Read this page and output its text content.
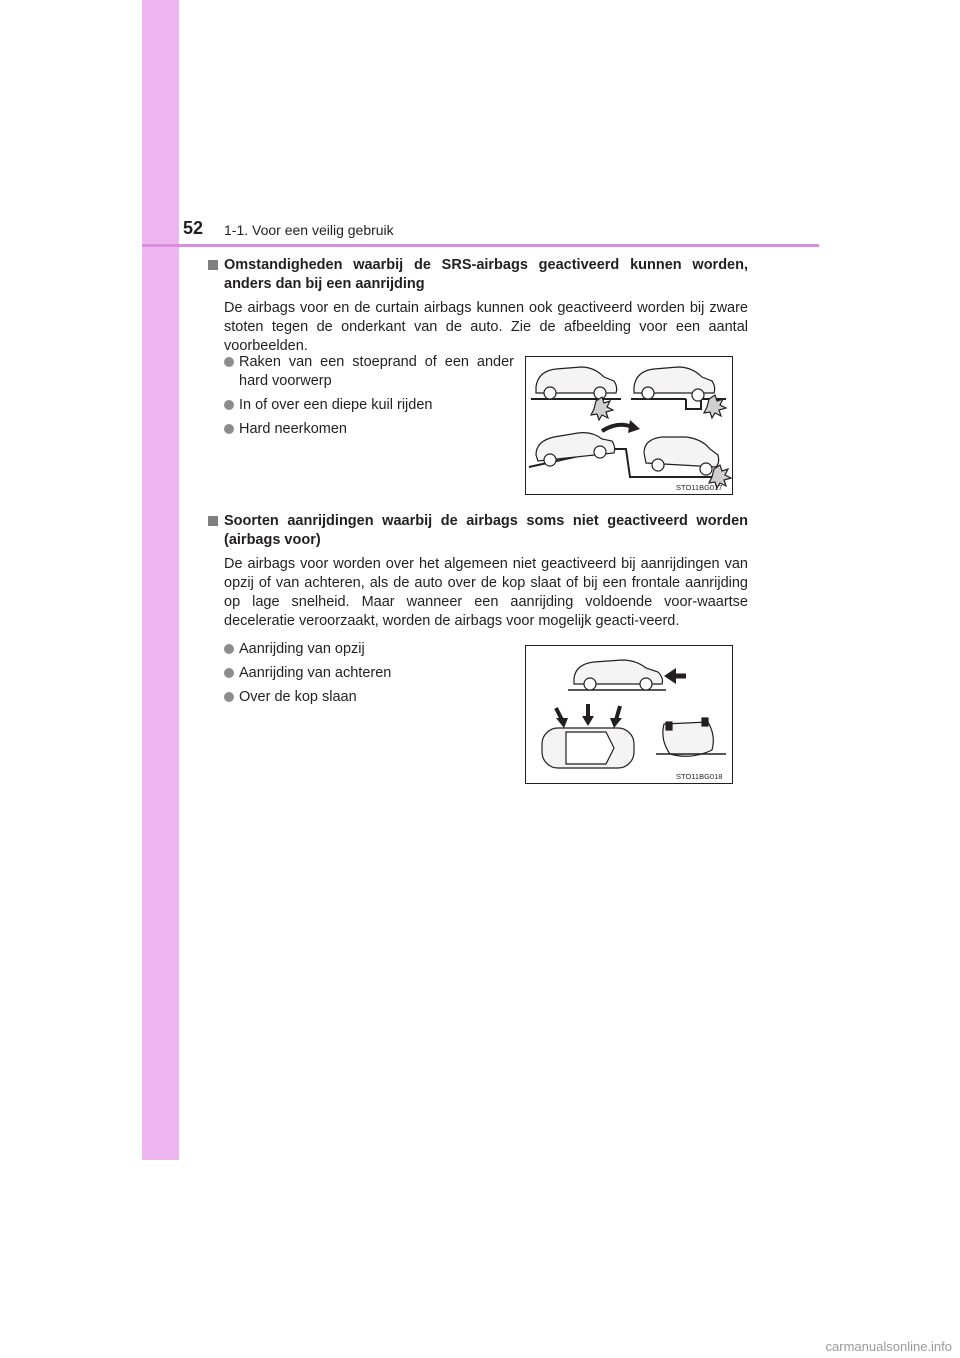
52 1-1. Voor een veilig gebruik
Omstandigheden waarbij de SRS-airbags geactiveerd kunnen worden, anders dan bij een aanrijding
De airbags voor en de curtain airbags kunnen ook geactiveerd worden bij zware stoten tegen de onderkant van de auto. Zie de afbeelding voor een aantal voorbeelden.
Raken van een stoeprand of een ander hard voorwerp
In of over een diepe kuil rijden
Hard neerkomen
STO11BG017
Soorten aanrijdingen waarbij de airbags soms niet geactiveerd worden (airbags voor)
De airbags voor worden over het algemeen niet geactiveerd bij aanrijdingen van opzij of van achteren, als de auto over de kop slaat of bij een frontale aanrijding op lage snelheid. Maar wanneer een aanrijding voldoende voor-waartse deceleratie veroorzaakt, worden de airbags voor mogelijk geacti-veerd.
Aanrijding van opzij
Aanrijding van achteren
Over de kop slaan
STO11BG018
carmanualsonline.info
